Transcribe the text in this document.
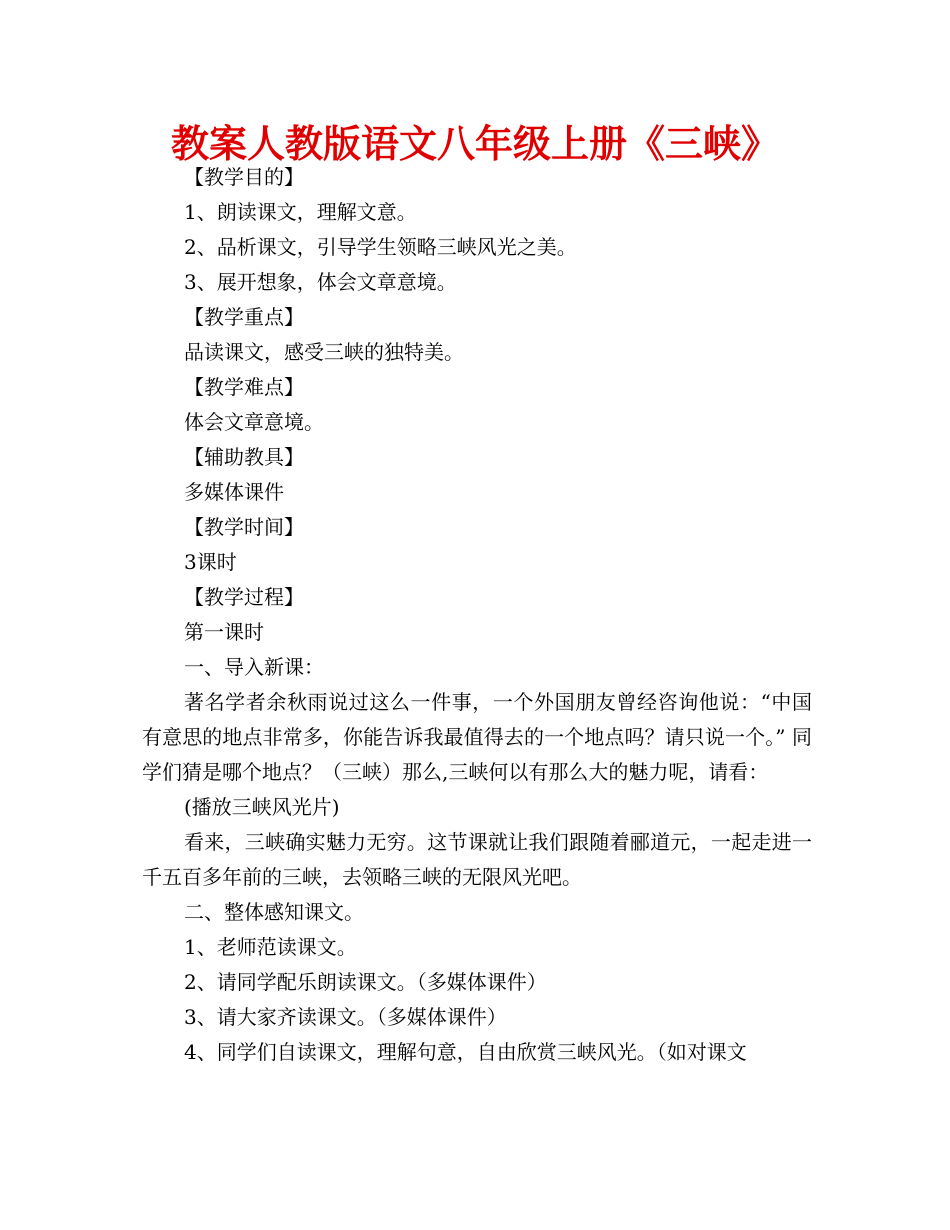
教案人教版语文八年级上册《三峡》

【教学目的】

1、朗读课文，理解文意。

2、品析课文，引导学生领略三峡风光之美。

3、展开想象，体会文章意境。

【教学重点】

品读课文，感受三峡的独特美。

【教学难点】

体会文章意境。

【辅助教具】

多媒体课件

【教学时间】

3课时

【教学过程】

第一课时

一、导入新课：

著名学者余秋雨说过这么一件事，一个外国朋友曾经咨询他说：“中国有意思的地点非常多，你能告诉我最值得去的一个地点吗？请只说一个。” 同学们猜是哪个地点？（三峡）那么,三峡何以有那么大的魅力呢，请看：

(播放三峡风光片)

看来，三峡确实魅力无穷。这节课就让我们跟随着郦道元，一起走进一千五百多年前的三峡，去领略三峡的无限风光吧。

二、整体感知课文。

1、老师范读课文。

2、请同学配乐朗读课文。（多媒体课件）

3、请大家齐读课文。（多媒体课件）

4、同学们自读课文，理解句意，自由欣赏三峡风光。（如对课文
